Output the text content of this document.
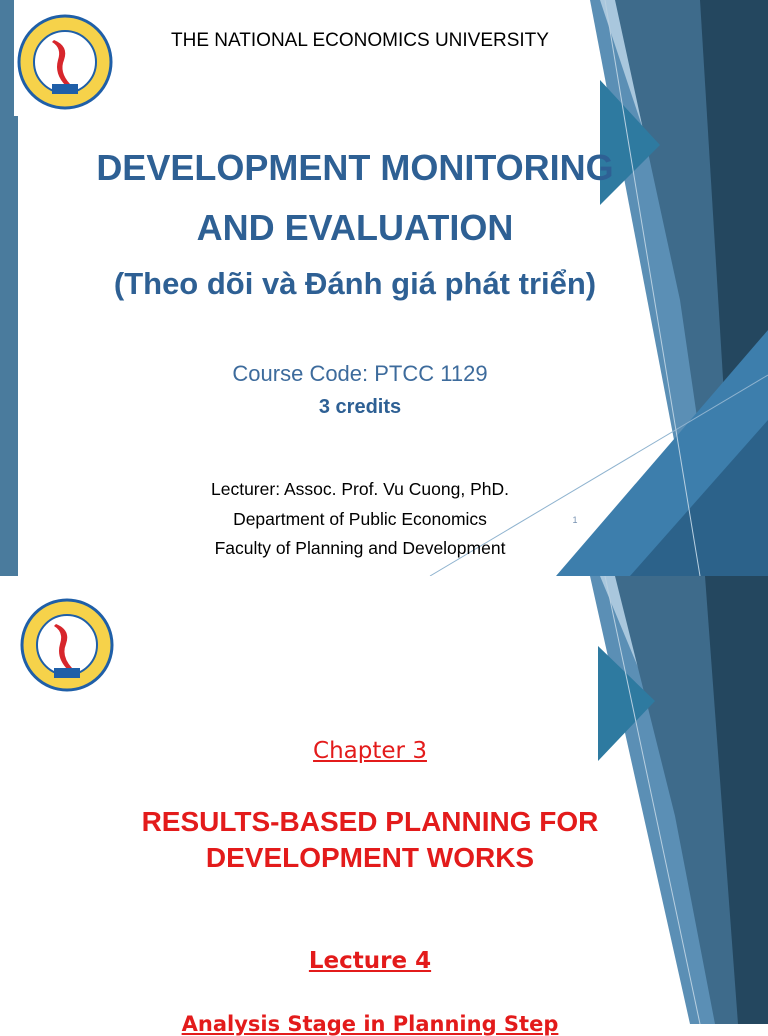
THE NATIONAL ECONOMICS UNIVERSITY
DEVELOPMENT MONITORING
AND EVALUATION
(Theo dõi và Đánh giá phát triển)
Course Code: PTCC 1129
3 credits
Lecturer: Assoc. Prof. Vu Cuong, PhD.
Department of Public Economics
Faculty of Planning and Development
1
Chapter 3
RESULTS-BASED PLANNING FOR
DEVELOPMENT WORKS
Lecture 4
Analysis Stage in Planning Step
